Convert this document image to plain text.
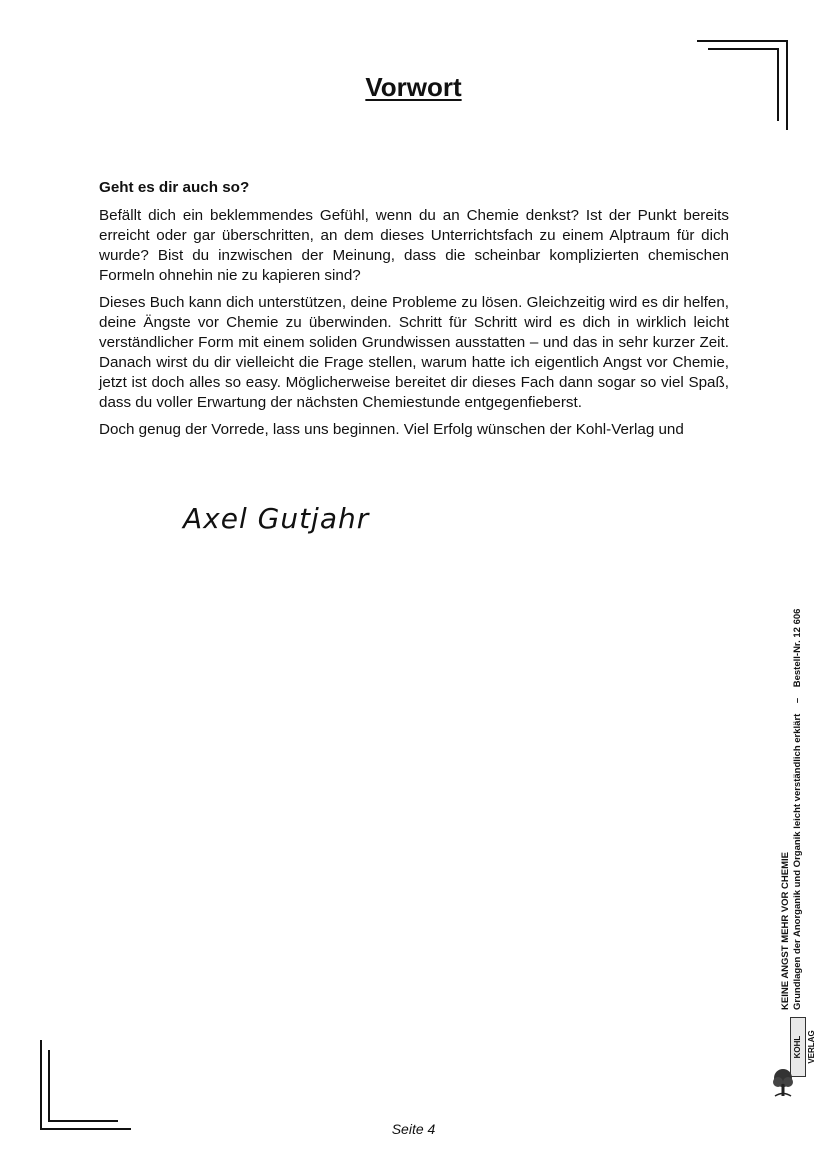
Vorwort
Geht es dir auch so?

Befällt dich ein beklemmendes Gefühl, wenn du an Chemie denkst? Ist der Punkt bereits erreicht oder gar überschritten, an dem dieses Unterrichtsfach zu einem Alptraum für dich wurde? Bist du inzwischen der Meinung, dass die scheinbar komplizierten chemischen Formeln ohnehin nie zu kapieren sind?

Dieses Buch kann dich unterstützen, deine Probleme zu lösen. Gleichzeitig wird es dir helfen, deine Ängste vor Chemie zu überwinden. Schritt für Schritt wird es dich in wirklich leicht verständlicher Form mit einem soliden Grundwissen ausstatten – und das in sehr kurzer Zeit. Danach wirst du dir vielleicht die Frage stellen, warum hatte ich eigentlich Angst vor Chemie, jetzt ist doch alles so easy. Möglicherweise bereitet dir dieses Fach dann sogar so viel Spaß, dass du voller Erwartung der nächsten Chemiestunde entgegenfieberst.

Doch genug der Vorrede, lass uns beginnen. Viel Erfolg wünschen der Kohl-Verlag und

Axel Gutjahr
KEINE ANGST MEHR VOR CHEMIE Grundlagen der Anorganik und Organik leicht verständlich erklärt    –    Bestell-Nr. 12 606
KOHL VERLAG
Seite 4
